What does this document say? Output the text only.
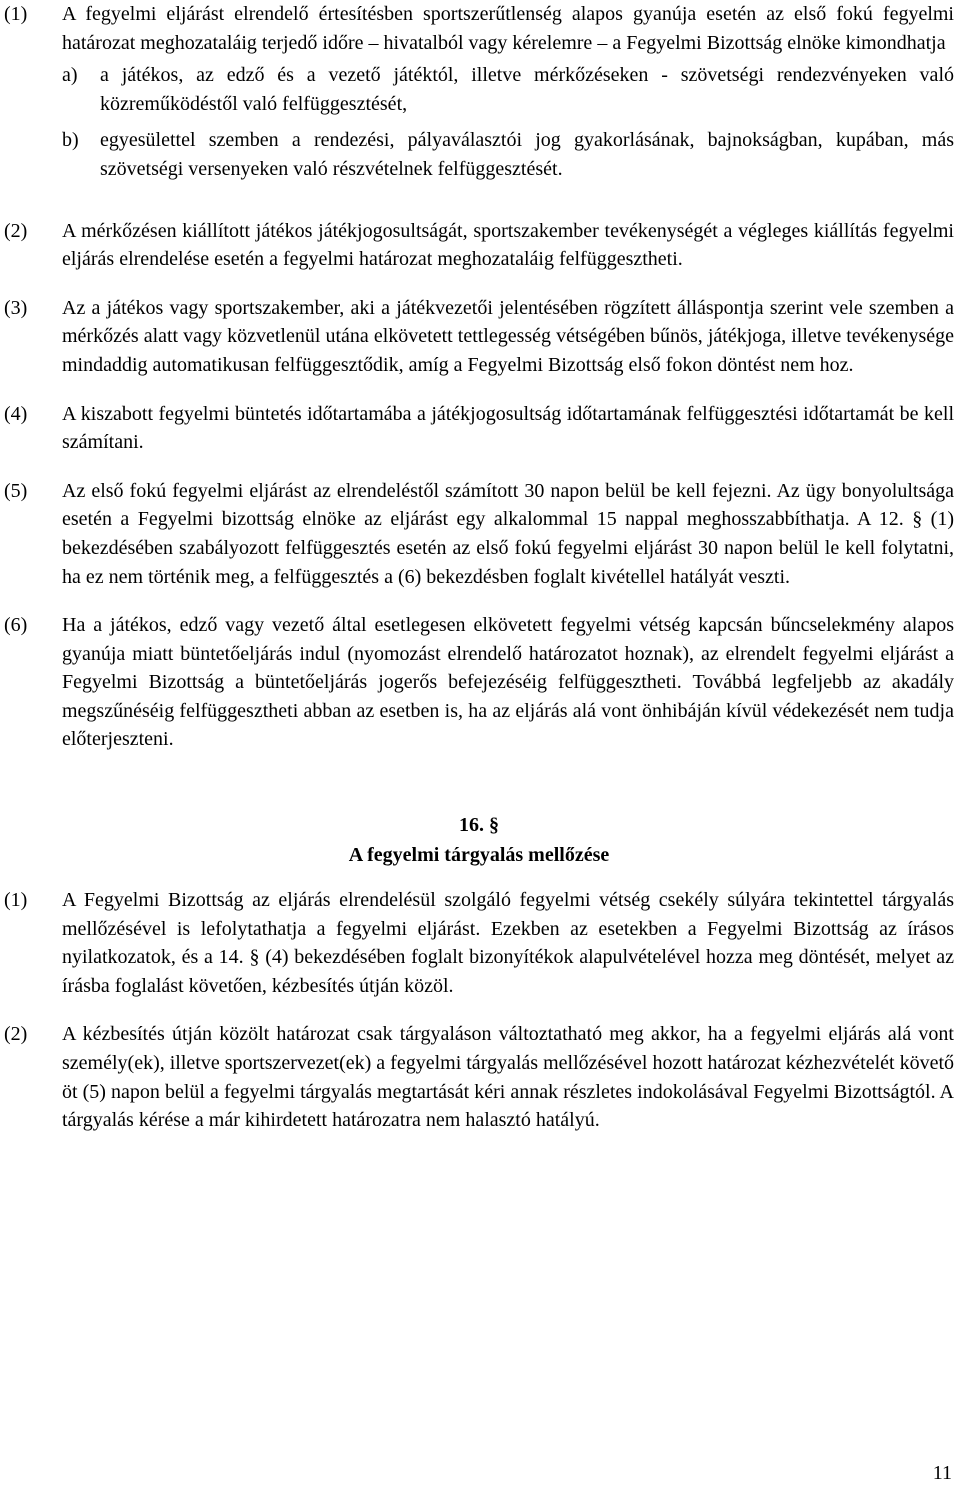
(1) A fegyelmi eljárást elrendelő értesítésben sportszerűtlenség alapos gyanúja esetén az első fokú fegyelmi határozat meghozataláig terjedő időre – hivatalból vagy kérelemre – a Fegyelmi Bizottság elnöke kimondhatja
a) a játékos, az edző és a vezető játéktól, illetve mérkőzéseken - szövetségi rendezvényeken való közreműködéstől való felfüggesztését,
b) egyesülettel szemben a rendezési, pályaválasztói jog gyakorlásának, bajnokságban, kupában, más szövetségi versenyeken való részvételnek felfüggesztését.
(2) A mérkőzésen kiállított játékos játékjogosultságát, sportszakember tevékenységét a végleges kiállítás fegyelmi eljárás elrendelése esetén a fegyelmi határozat meghozataláig felfüggesztheti.
(3) Az a játékos vagy sportszakember, aki a játékvezetői jelentésében rögzített álláspontja szerint vele szemben a mérkőzés alatt vagy közvetlenül utána elkövetett tettlegesség vétségében bűnös, játékjoga, illetve tevékenysége mindaddig automatikusan felfüggesztődik, amíg a Fegyelmi Bizottság első fokon döntést nem hoz.
(4) A kiszabott fegyelmi büntetés időtartamába a játékjogosultság időtartamának felfüggesztési időtartamát be kell számítani.
(5) Az első fokú fegyelmi eljárást az elrendeléstől számított 30 napon belül be kell fejezni. Az ügy bonyolultsága esetén a Fegyelmi bizottság elnöke az eljárást egy alkalommal 15 nappal meghosszabbíthatja. A 12. § (1) bekezdésében szabályozott felfüggesztés esetén az első fokú fegyelmi eljárást 30 napon belül le kell folytatni, ha ez nem történik meg, a felfüggesztés a (6) bekezdésben foglalt kivétellel hatályát veszti.
(6) Ha a játékos, edző vagy vezető által esetlegesen elkövetett fegyelmi vétség kapcsán bűncselekmény alapos gyanúja miatt büntetőeljárás indul (nyomozást elrendelő határozatot hoznak), az elrendelt fegyelmi eljárást a Fegyelmi Bizottság a büntetőeljárás jogerős befejezéséig felfüggesztheti. Továbbá legfeljebb az akadály megszűnéséig felfüggesztheti abban az esetben is, ha az eljárás alá vont önhibáján kívül védekezését nem tudja előterjeszteni.
16. §
A fegyelmi tárgyalás mellőzése
(1) A Fegyelmi Bizottság az eljárás elrendelésül szolgáló fegyelmi vétség csekély súlyára tekintettel tárgyalás mellőzésével is lefolytathatja a fegyelmi eljárást. Ezekben az esetekben a Fegyelmi Bizottság az írásos nyilatkozatok, és a 14. § (4) bekezdésében foglalt bizonyítékok alapulvételével hozza meg döntését, melyet az írásba foglalást követően, kézbesítés útján közöl.
(2) A kézbesítés útján közölt határozat csak tárgyaláson változtatható meg akkor, ha a fegyelmi eljárás alá vont személy(ek), illetve sportszervezet(ek) a fegyelmi tárgyalás mellőzésével hozott határozat kézhezvételét követő öt (5) napon belül a fegyelmi tárgyalás megtartását kéri annak részletes indokolásával Fegyelmi Bizottságtól. A tárgyalás kérése a már kihirdetett határozatra nem halasztó hatályú.
11
